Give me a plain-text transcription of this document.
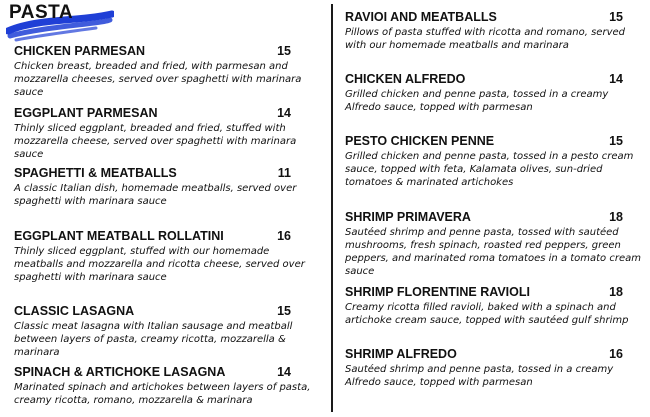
PASTA
CHICKEN PARMESAN	15
Chicken breast, breaded and fried, with parmesan and mozzarella cheeses, served over spaghetti with marinara sauce
EGGPLANT PARMESAN	14
Thinly sliced eggplant, breaded and fried, stuffed with mozzarella cheese, served over spaghetti with marinara sauce
SPAGHETTI & MEATBALLS	11
A classic Italian dish, homemade meatballs, served over spaghetti with marinara sauce
EGGPLANT MEATBALL ROLLATINI	16
Thinly sliced eggplant, stuffed with our homemade meatballs and mozzarella and ricotta cheese, served over spaghetti with marinara sauce
CLASSIC LASAGNA	15
Classic meat lasagna with Italian sausage and meatball between layers of pasta, creamy ricotta, mozzarella & marinara
SPINACH & ARTICHOKE LASAGNA	14
Marinated spinach and artichokes between layers of pasta, creamy ricotta, romano, mozzarella & marinara
RAVIOI AND MEATBALLS	15
Pillows of pasta stuffed with ricotta and romano, served with our homemade meatballs and marinara
CHICKEN ALFREDO	14
Grilled chicken and penne pasta, tossed in a creamy Alfredo sauce, topped with parmesan
PESTO CHICKEN PENNE	15
Grilled chicken and penne pasta, tossed in a pesto cream sauce, topped with feta, Kalamata olives, sun-dried tomatoes & marinated artichokes
SHRIMP PRIMAVERA	18
Sautéed shrimp and penne pasta, tossed with sautéed mushrooms, fresh spinach, roasted red peppers, green peppers, and marinated roma tomatoes in a tomato cream sauce
SHRIMP FLORENTINE RAVIOLI	18
Creamy ricotta filled ravioli, baked with a spinach and artichoke cream sauce, topped with sautéed gulf shrimp
SHRIMP ALFREDO	16
Sautéed shrimp and penne pasta, tossed in a creamy Alfredo sauce, topped with parmesan
